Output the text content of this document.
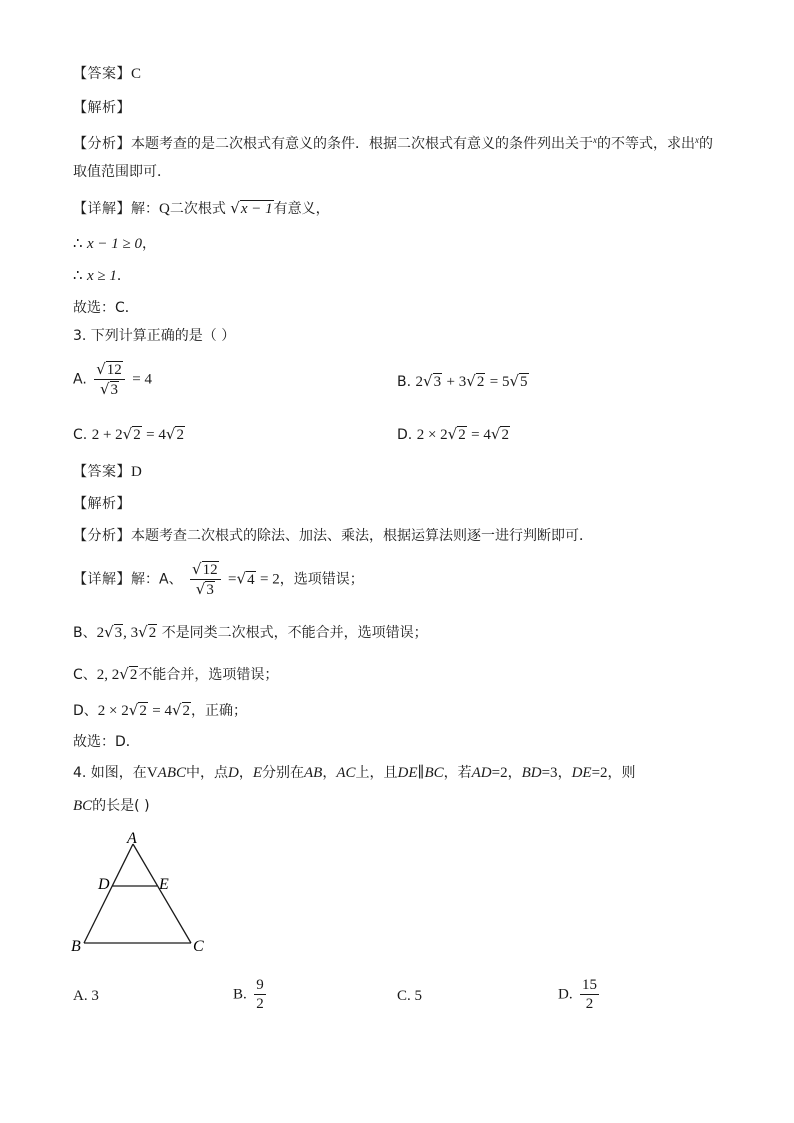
【答案】C
【解析】
【分析】本题考查的是二次根式有意义的条件．根据二次根式有意义的条件列出关于$^x$的不等式，求出$^x$的
取值范围即可．
【详解】解：Q二次根式 √x − 1有意义，
∴ x − 1 ≥ 0，
∴ x ≥ 1．
故选：C．
3. 下列计算正确的是（ ）
A. $\frac{√12}{√3} = 4$	B. 2√3 + 3√2 = 5√5
C. 2 + 2√2 = 4√2	D. 2 × 2√2 = 4√2
【答案】D
【解析】
【分析】本题考查二次根式的除法、加法、乘法，根据运算法则逐一进行判断即可．
【详解】解：A、 $\frac{√12}{√3} =√4 = 2$，选项错误；
B、2√3, 3√2 不是同类二次根式，不能合并，选项错误；
C、2, 2√2不能合并，选项错误；
D、2 × 2√2 = 4√2，正确；
故选：D．
4. 如图，在VABC中，点D，E分别在AB，AC上，且DE∥BC，若AD=2，BD=3，DE=2，则
BC的长是( )
A
D	E
B	C
A. 3	B. $\frac{9}{2}$	C. 5	D. $\frac{15}{2}$
